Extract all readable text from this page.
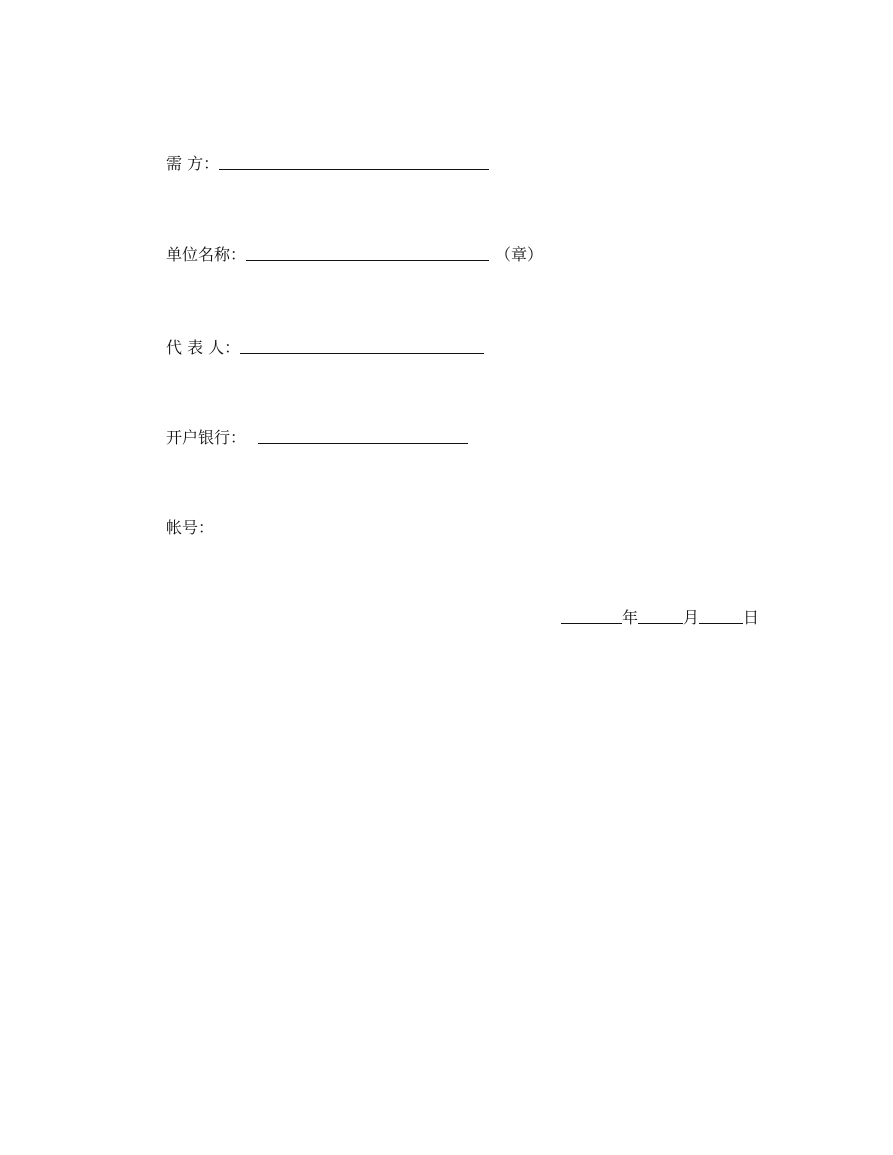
需 方：
单位名称：	（章）
代 表 人：
开户银行：
帐号：
年	月	日
